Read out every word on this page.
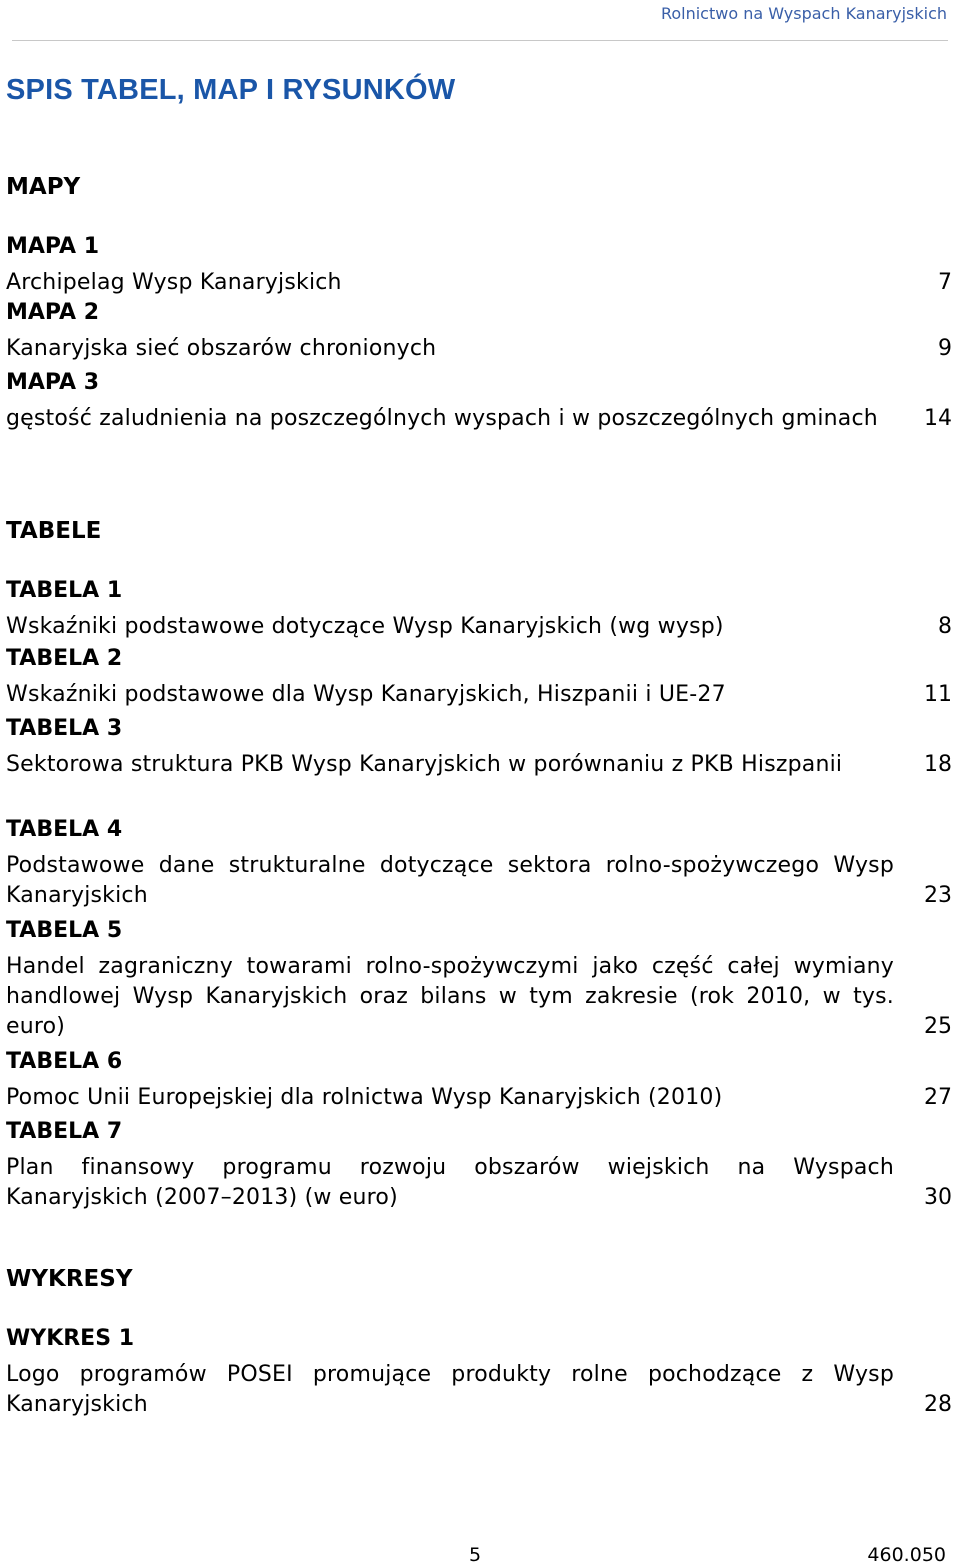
Rolnictwo na Wyspach Kanaryjskich
SPIS TABEL, MAP I RYSUNKÓW
MAPY
MAPA 1
Archipelag Wysp Kanaryjskich	7
MAPA 2
Kanaryjska sieć obszarów chronionych	9
MAPA 3
gęstość zaludnienia na poszczególnych wyspach i w poszczególnych gminach	14
TABELE
TABELA 1
Wskaźniki podstawowe dotyczące Wysp Kanaryjskich (wg wysp)	8
TABELA 2
Wskaźniki podstawowe dla Wysp Kanaryjskich, Hiszpanii i UE-27	11
TABELA 3
Sektorowa struktura PKB Wysp Kanaryjskich w porównaniu z PKB Hiszpanii	18
TABELA 4
Podstawowe dane strukturalne dotyczące sektora rolno-spożywczego Wysp Kanaryjskich	23
TABELA 5
Handel zagraniczny towarami rolno-spożywczymi jako część całej wymiany handlowej Wysp Kanaryjskich oraz bilans w tym zakresie (rok 2010, w tys. euro)	25
TABELA 6
Pomoc Unii Europejskiej dla rolnictwa Wysp Kanaryjskich (2010)	27
TABELA 7
Plan finansowy programu rozwoju obszarów wiejskich na Wyspach Kanaryjskich (2007–2013) (w euro)	30
WYKRESY
WYKRES 1
Logo programów POSEI promujące produkty rolne pochodzące z Wysp Kanaryjskich	28
5	460.050
